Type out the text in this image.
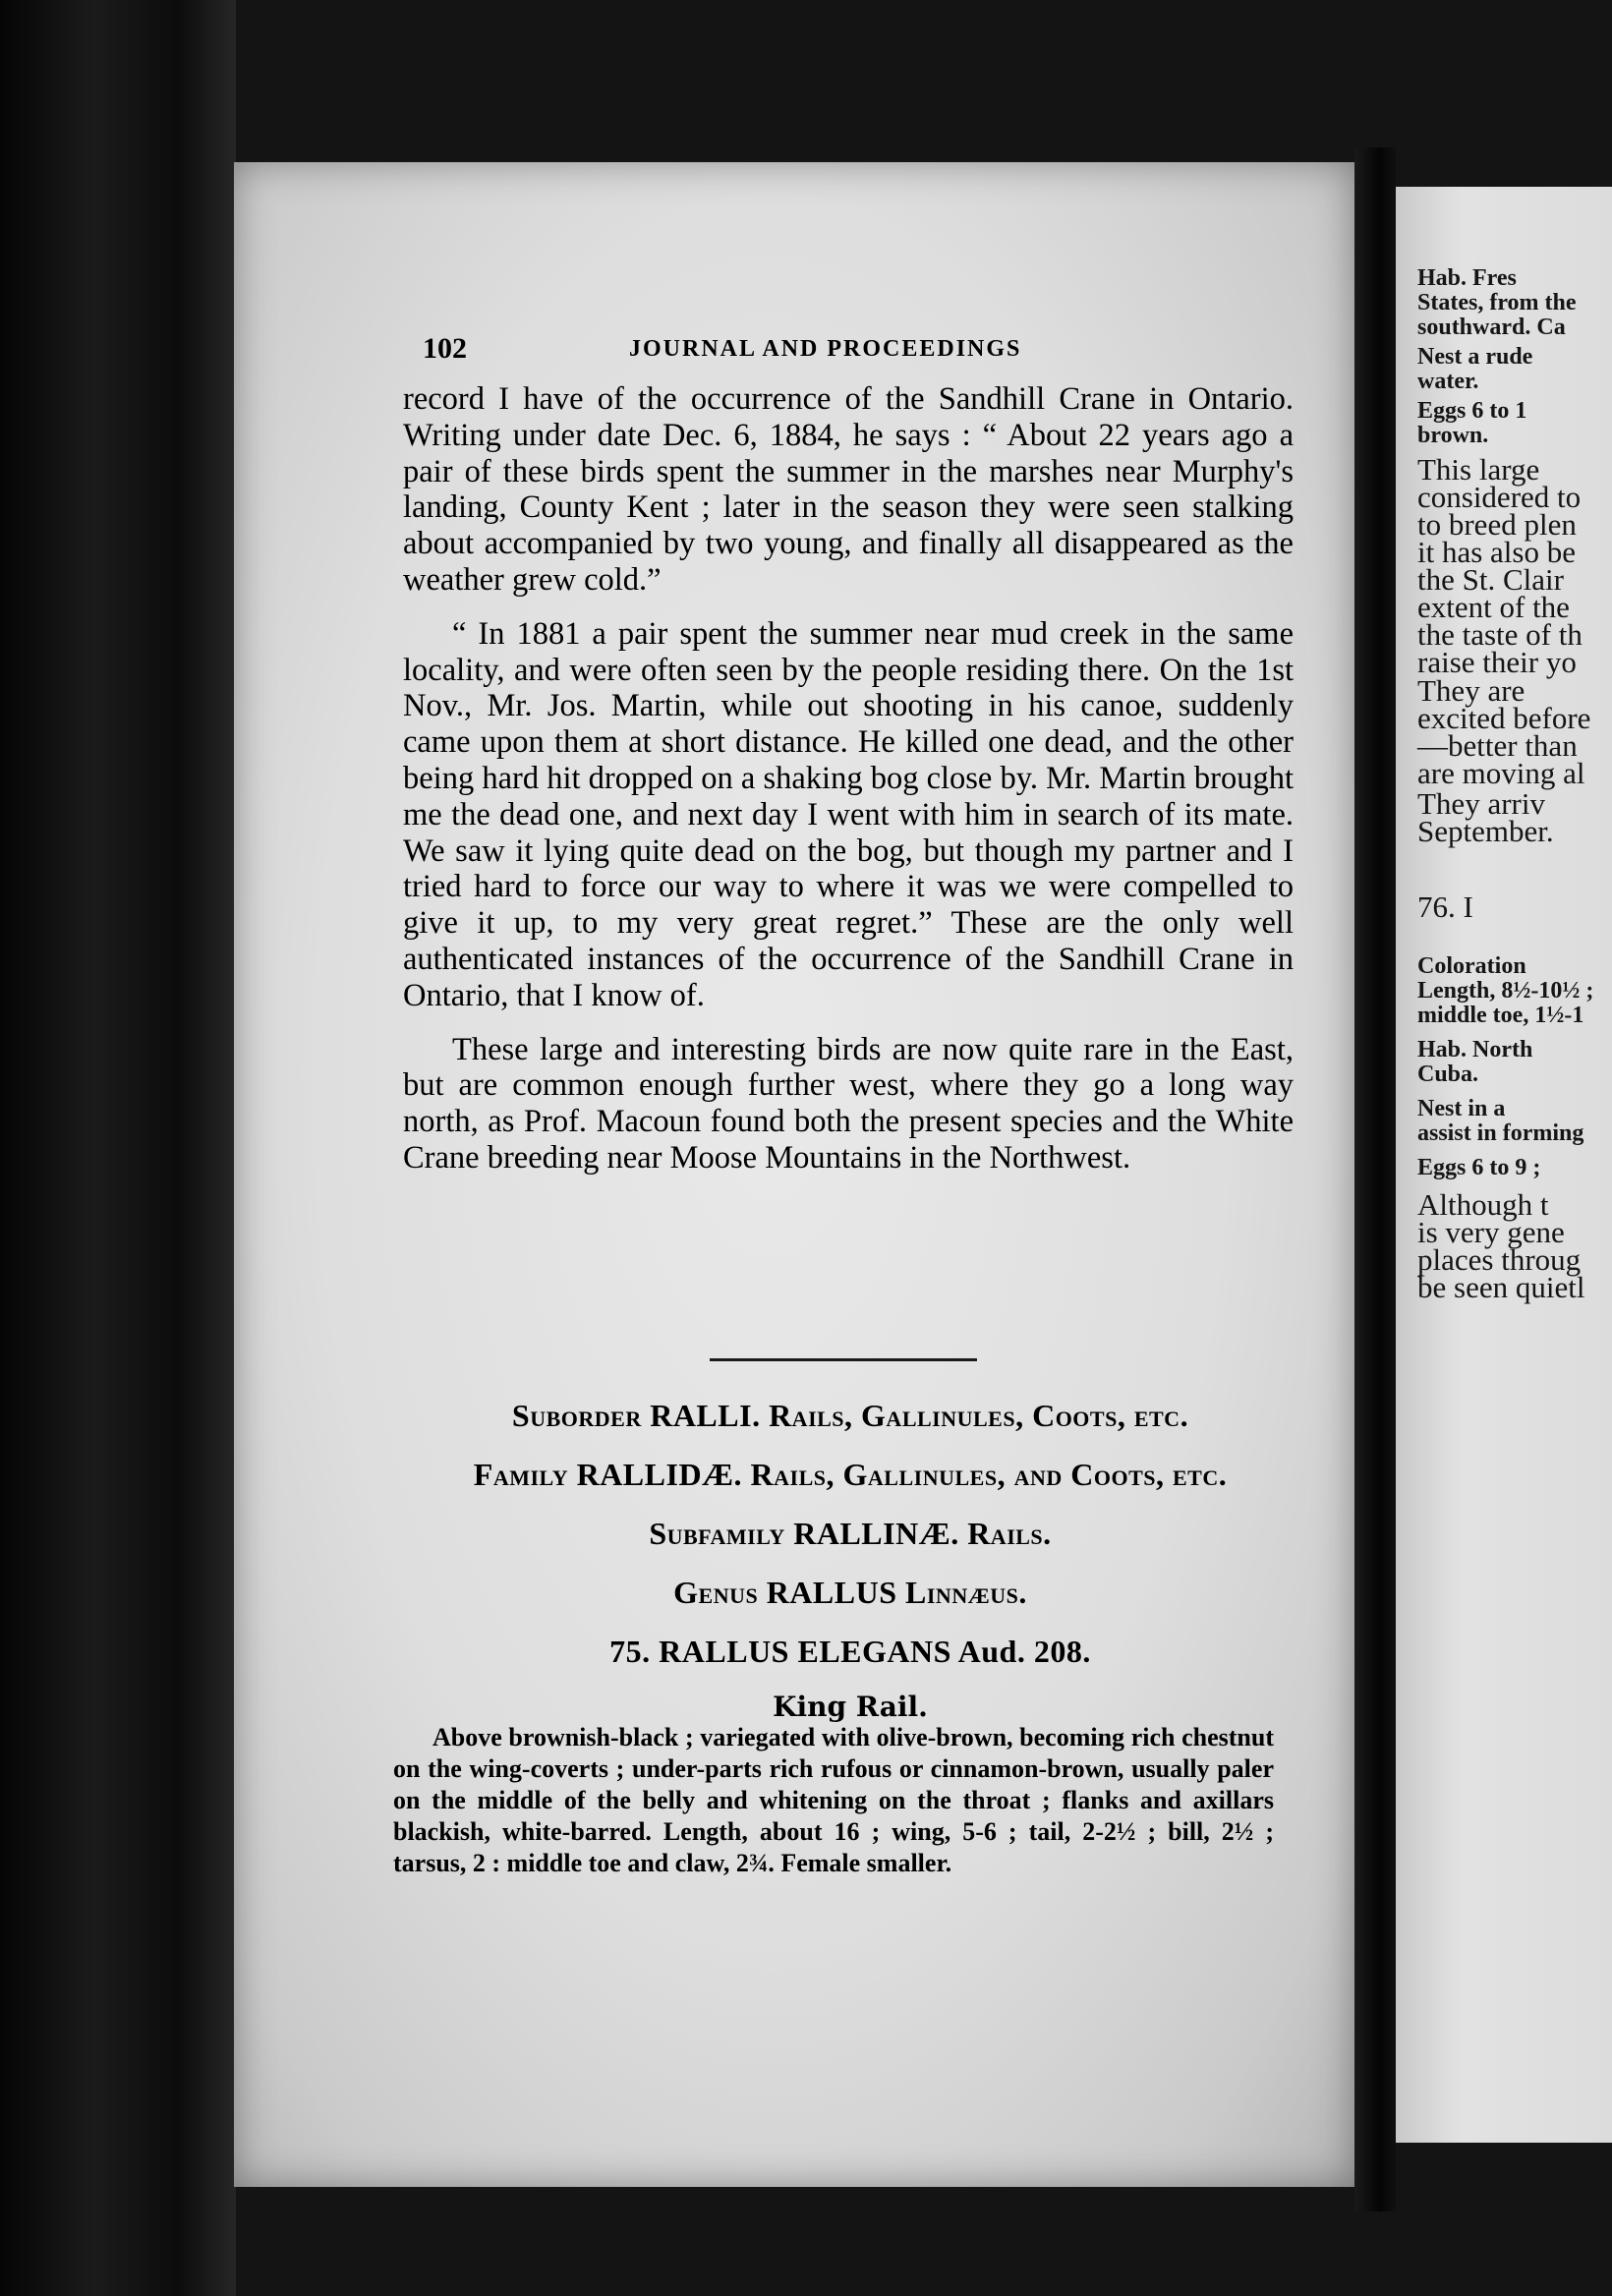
102	JOURNAL AND PROCEEDINGS

record I have of the occurrence of the Sandhill Crane in Ontario. Writing under date Dec. 6, 1884, he says : “ About 22 years ago a pair of these birds spent the summer in the marshes near Murphy's landing, County Kent ; later in the season they were seen stalking about accompanied by two young, and finally all disappeared as the weather grew cold.”

“ In 1881 a pair spent the summer near mud creek in the same locality, and were often seen by the people residing there. On the 1st Nov., Mr. Jos. Martin, while out shooting in his canoe, suddenly came upon them at short distance. He killed one dead, and the other being hard hit dropped on a shaking bog close by. Mr. Martin brought me the dead one, and next day I went with him in search of its mate. We saw it lying quite dead on the bog, but though my partner and I tried hard to force our way to where it was we were compelled to give it up, to my very great regret.” These are the only well authenticated instances of the occurrence of the Sandhill Crane in Ontario, that I know of.

These large and interesting birds are now quite rare in the East, but are common enough further west, where they go a long way north, as Prof. Macoun found both the present species and the White Crane breeding near Moose Mountains in the Northwest.

Suborder RALLI. Rails, Gallinules, Coots, etc.
Family RALLIDÆ. Rails, Gallinules, and Coots, etc.
Subfamily RALLINÆ. Rails.
Genus RALLUS Linnæus.
75. RALLUS ELEGANS Aud. 208.
King Rail.
Above brownish-black ; variegated with olive-brown, becoming rich chestnut on the wing-coverts ; under-parts rich rufous or cinnamon-brown, usually paler on the middle of the belly and whitening on the throat ; flanks and axillars blackish, white-barred. Length, about 16 ; wing, 5-6 ; tail, 2-2½ ; bill, 2½ ; tarsus, 2 : middle toe and claw, 2¾. Female smaller.
Hab. Fres
States, from the
southward. Ca
Nest a rude
water.
Eggs 6 to 1
brown.
This large
considered to
to breed plen
it has also be
the St. Clair
extent of the
the taste of th
raise their yo
They are
excited before
—better than
are moving al
They arriv
September.
76. I
Coloration
Length, 8½-10½ ;
middle toe, 1½-1
Hab. North
Cuba.
Nest in a
assist in forming
Eggs 6 to 9 ;
Although t
is very gene
places throug
be seen quietl
